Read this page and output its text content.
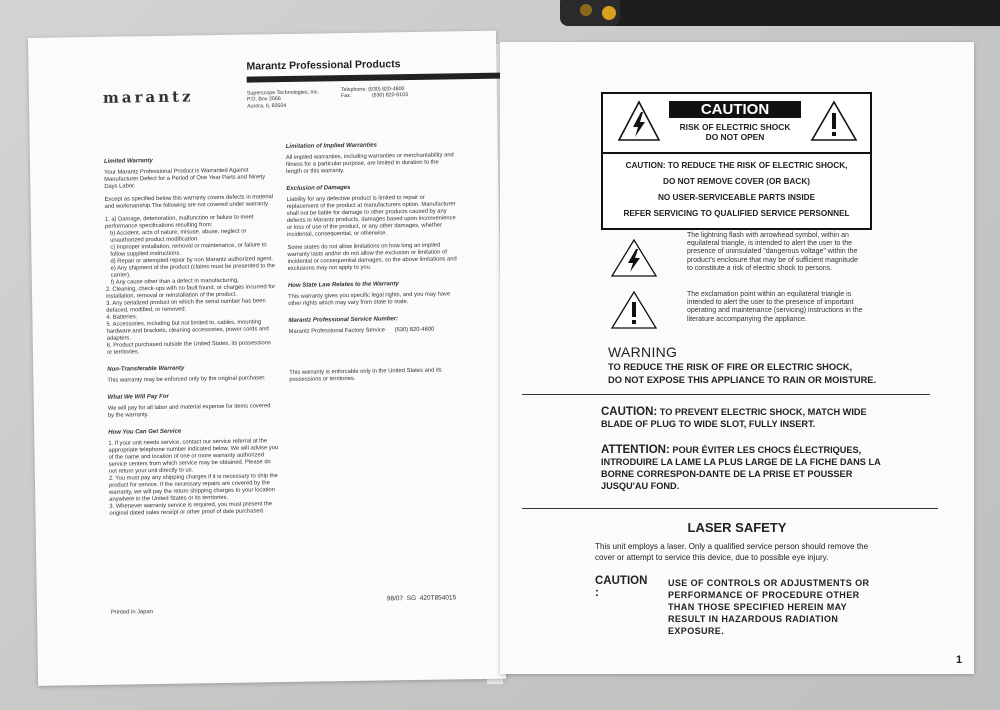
marantz
Marantz Professional Products
Superscope Technologies, Inc.
P.O. Box 2066
Aurora, IL 60504
Telephone: (630) 820-4800
Fax:              (630) 820-8103
Limited Warranty

Your Marantz Professional Product is Warranted Against Manufacturer Defect for a Period of One Year Parts and Ninety Days Labor.

Except as specified below this warranty covers defects in material and workmanship.The following are not covered under warranty.

1. a) Damage, deterioration, malfunction or failure to meet performance specifications resulting from:
b) Accident, acts of nature, misuse, abuse, neglect or unauthorized product modification.
c) Improper installation, removal or maintenance, or failure to follow supplied instructions.
d) Repair or attempted repair by non Marantz authorized agent.
e) Any shipment of the product (claims must be presented to the carrier).
f) Any cause other than a defect in manufacturing.
2. Cleaning, check-ups with no fault found, or charges incurred for installation, removal or reinstallation of the product.
3. Any serialized product on which the serial number has been defaced, modified, or removed.
4. Batteries.
5. Accessories, including but not limited to, cables, mounting hardware and brackets, cleaning accessories, power cords and adapters.
6. Product purchased outside the United States, its possessions or territories.
Non-Transferable Warranty

This warranty may be enforced only by the original purchaser.

What We Will Pay For

We will pay for all labor and material expense for items covered by the warranty.

How You Can Get Service
1. If your unit needs service, contact our service referral at the appropriate telephone number indicated below. We will advise you of the name and location of one or more warranty authorized service centers from which service may be obtained. Please do not return your unit directly to us.
2. You must pay any shipping charges if it is necessary to ship the product for service. If the necessary repairs are covered by the warranty, we will pay the return shipping charges to your location anywhere in the United States or its territories.
3. Whenever warranty service is required, you must present the original dated sales receipt or other proof of date purchased.
Limitation of Implied Warranties

All implied warranties, including warranties or merchantability and fitness for a particular purpose, are limited in duration to the length or this warranty.

Exclusion of Damages

Liability for any defective product is limited to repair or replacement of the product at manufacturers option. Manufacturer shall not be liable for damage to other products caused by any defects in Marantz products, damages based upon inconvenience or loss of use of the product, or any other damages, whether incidental, consequential, or otherwise.

Some states do not allow limitations on how long an implied warranty lasts and/or do not allow the exclusion or limitation of incidental or consequential damages, so the above limitations and exclusions may not apply to you.

How State Law Relates to the Warranty

This warranty gives you specific legal rights, and you may have other rights which may vary from state to state.

Marantz Professional Service Number:

Marantz Professional Factory Service      (630) 820-4800

This warranty is enforcable only in the United States and its possessions or territories.

Printed in Japan
98/07  SG  420T854015
CAUTION
RISK OF ELECTRIC SHOCK
DO NOT OPEN
CAUTION: TO REDUCE THE RISK OF ELECTRIC SHOCK,
DO NOT REMOVE COVER (OR BACK)
NO USER-SERVICEABLE PARTS INSIDE
REFER SERVICING TO QUALIFIED SERVICE PERSONNEL
The lightning flash with arrowhead symbol, within an equilateral triangle, is intended to alert the user to the presence of uninsulated "dangerous voltage" within the product's enclosure that may be of sufficient magnitude to constitute a risk of electric shock to persons.
The exclamation point within an equilateral triangle is intended to alert the user to the presence of important operating and maintenance (servicing) instructions in the literature accompanying the appliance.
WARNING
TO REDUCE THE RISK OF FIRE OR ELECTRIC SHOCK,
DO NOT EXPOSE THIS APPLIANCE TO RAIN OR MOISTURE.
CAUTION: TO PREVENT ELECTRIC SHOCK, MATCH WIDE BLADE OF PLUG TO WIDE SLOT, FULLY INSERT.
ATTENTION: POUR ÉVITER LES CHOCS ÉLECTRIQUES, INTRODUIRE LA LAME LA PLUS LARGE DE LA FICHE DANS LA BORNE CORRESPON-DANTE DE LA PRISE ET POUSSER JUSQU'AU FOND.
LASER SAFETY
This unit employs a laser. Only a qualified service person should remove the cover or attempt to service this device, due to possible eye injury.
CAUTION :
USE OF CONTROLS OR ADJUSTMENTS OR PERFORMANCE OF PROCEDURE OTHER THAN THOSE SPECIFIED HEREIN MAY RESULT IN HAZARDOUS RADIATION EXPOSURE.
1
